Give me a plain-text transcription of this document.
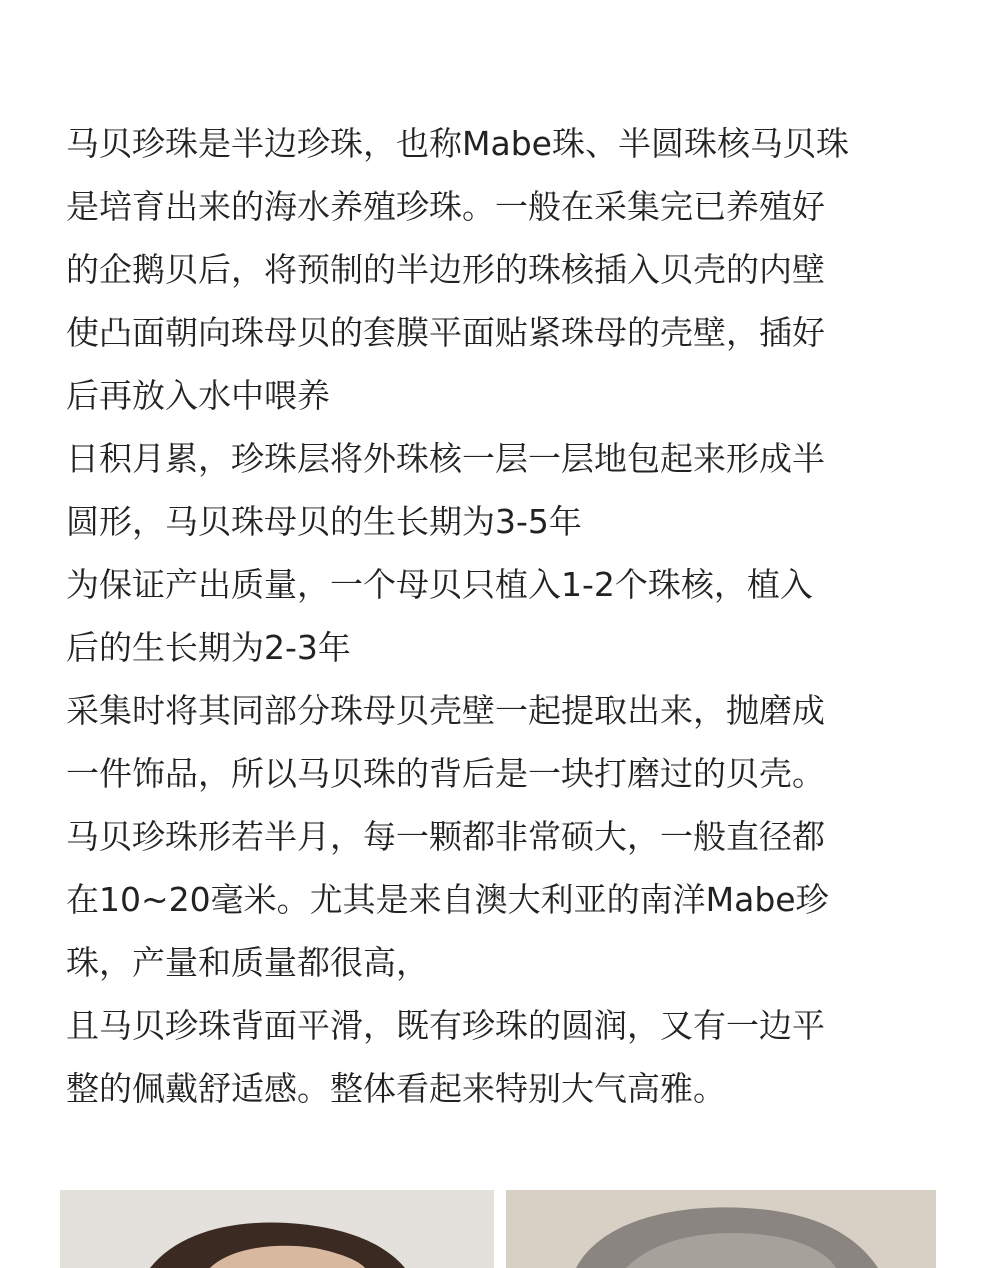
马贝珍珠是半边珍珠，也称Mabe珠、半圆珠核马贝珠
是培育出来的海水养殖珍珠。一般在采集完已养殖好
的企鹅贝后，将预制的半边形的珠核插入贝壳的内壁
使凸面朝向珠母贝的套膜平面贴紧珠母的壳壁，插好
后再放入水中喂养
日积月累，珍珠层将外珠核一层一层地包起来形成半
圆形，马贝珠母贝的生长期为3-5年
为保证产出质量，一个母贝只植入1-2个珠核，植入
后的生长期为2-3年
采集时将其同部分珠母贝壳壁一起提取出来，抛磨成
一件饰品，所以马贝珠的背后是一块打磨过的贝壳。
马贝珍珠形若半月，每一颗都非常硕大，一般直径都
在10~20毫米。尤其是来自澳大利亚的南洋Mabe珍
珠，产量和质量都很高，
且马贝珍珠背面平滑，既有珍珠的圆润，又有一边平
整的佩戴舒适感。整体看起来特别大气高雅。
